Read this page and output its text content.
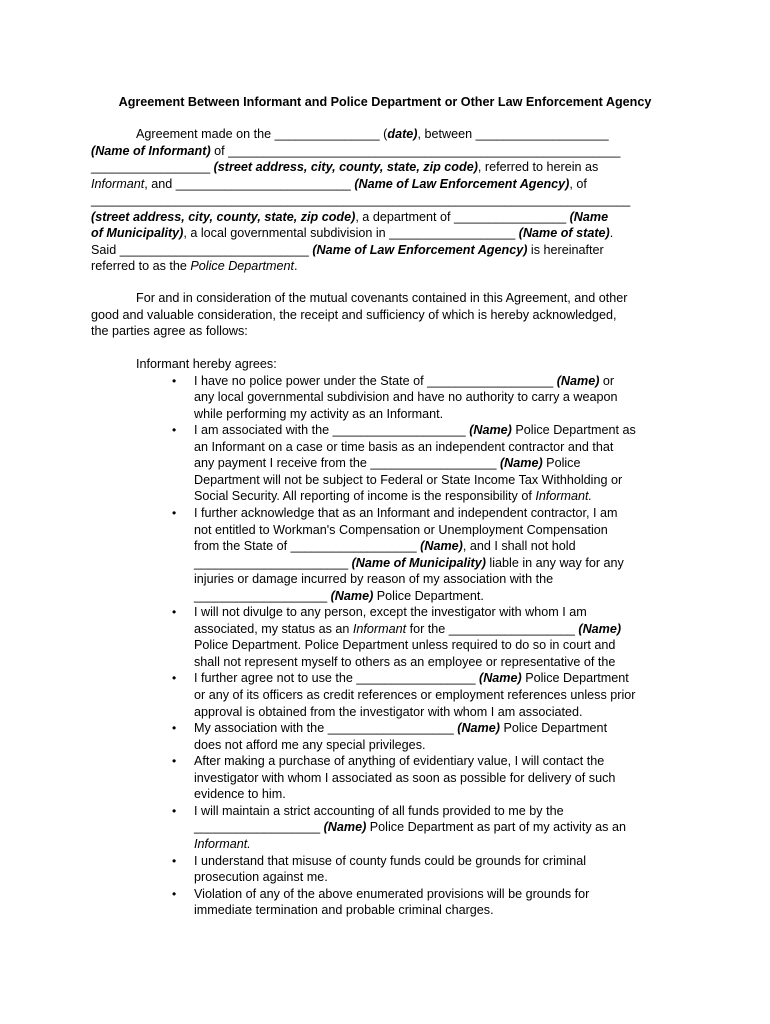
Agreement Between Informant and Police Department or Other Law Enforcement Agency
Agreement made on the _______________ (date), between ___________________
(Name of Informant) of ________________________________________________________
_________________ (street address, city, county, state, zip code), referred to herein as
Informant, and _________________________ (Name of Law Enforcement Agency), of
_____________________________________________________________________________
(street address, city, county, state, zip code), a department of ________________ (Name
of Municipality), a local governmental subdivision in __________________ (Name of state).
Said ___________________________ (Name of Law Enforcement Agency) is hereinafter
referred to as the Police Department.
For and in consideration of the mutual covenants contained in this Agreement, and other
good and valuable consideration, the receipt and sufficiency of which is hereby acknowledged,
the parties agree as follows:
Informant hereby agrees:
• I have no police power under the State of __________________ (Name) or
any local governmental subdivision and have no authority to carry a weapon
while performing my activity as an Informant.
• I am associated with the ___________________ (Name) Police Department as
an Informant on a case or time basis as an independent contractor and that
any payment I receive from the __________________ (Name) Police
Department will not be subject to Federal or State Income Tax Withholding or
Social Security. All reporting of income is the responsibility of Informant.
• I further acknowledge that as an Informant and independent contractor, I am
not entitled to Workman's Compensation or Unemployment Compensation
from the State of __________________ (Name), and I shall not hold
______________________ (Name of Municipality) liable in any way for any
injuries or damage incurred by reason of my association with the
___________________ (Name) Police Department.
• I will not divulge to any person, except the investigator with whom I am
associated, my status as an Informant for the __________________ (Name)
Police Department. Police Department unless required to do so in court and
shall not represent myself to others as an employee or representative of the
• I further agree not to use the _________________ (Name) Police Department
or any of its officers as credit references or employment references unless prior
approval is obtained from the investigator with whom I am associated.
• My association with the __________________ (Name) Police Department
does not afford me any special privileges.
• After making a purchase of anything of evidentiary value, I will contact the
investigator with whom I associated as soon as possible for delivery of such
evidence to him.
• I will maintain a strict accounting of all funds provided to me by the
__________________ (Name) Police Department as part of my activity as an
Informant.
• I understand that misuse of county funds could be grounds for criminal
prosecution against me.
• Violation of any of the above enumerated provisions will be grounds for
immediate termination and probable criminal charges.
